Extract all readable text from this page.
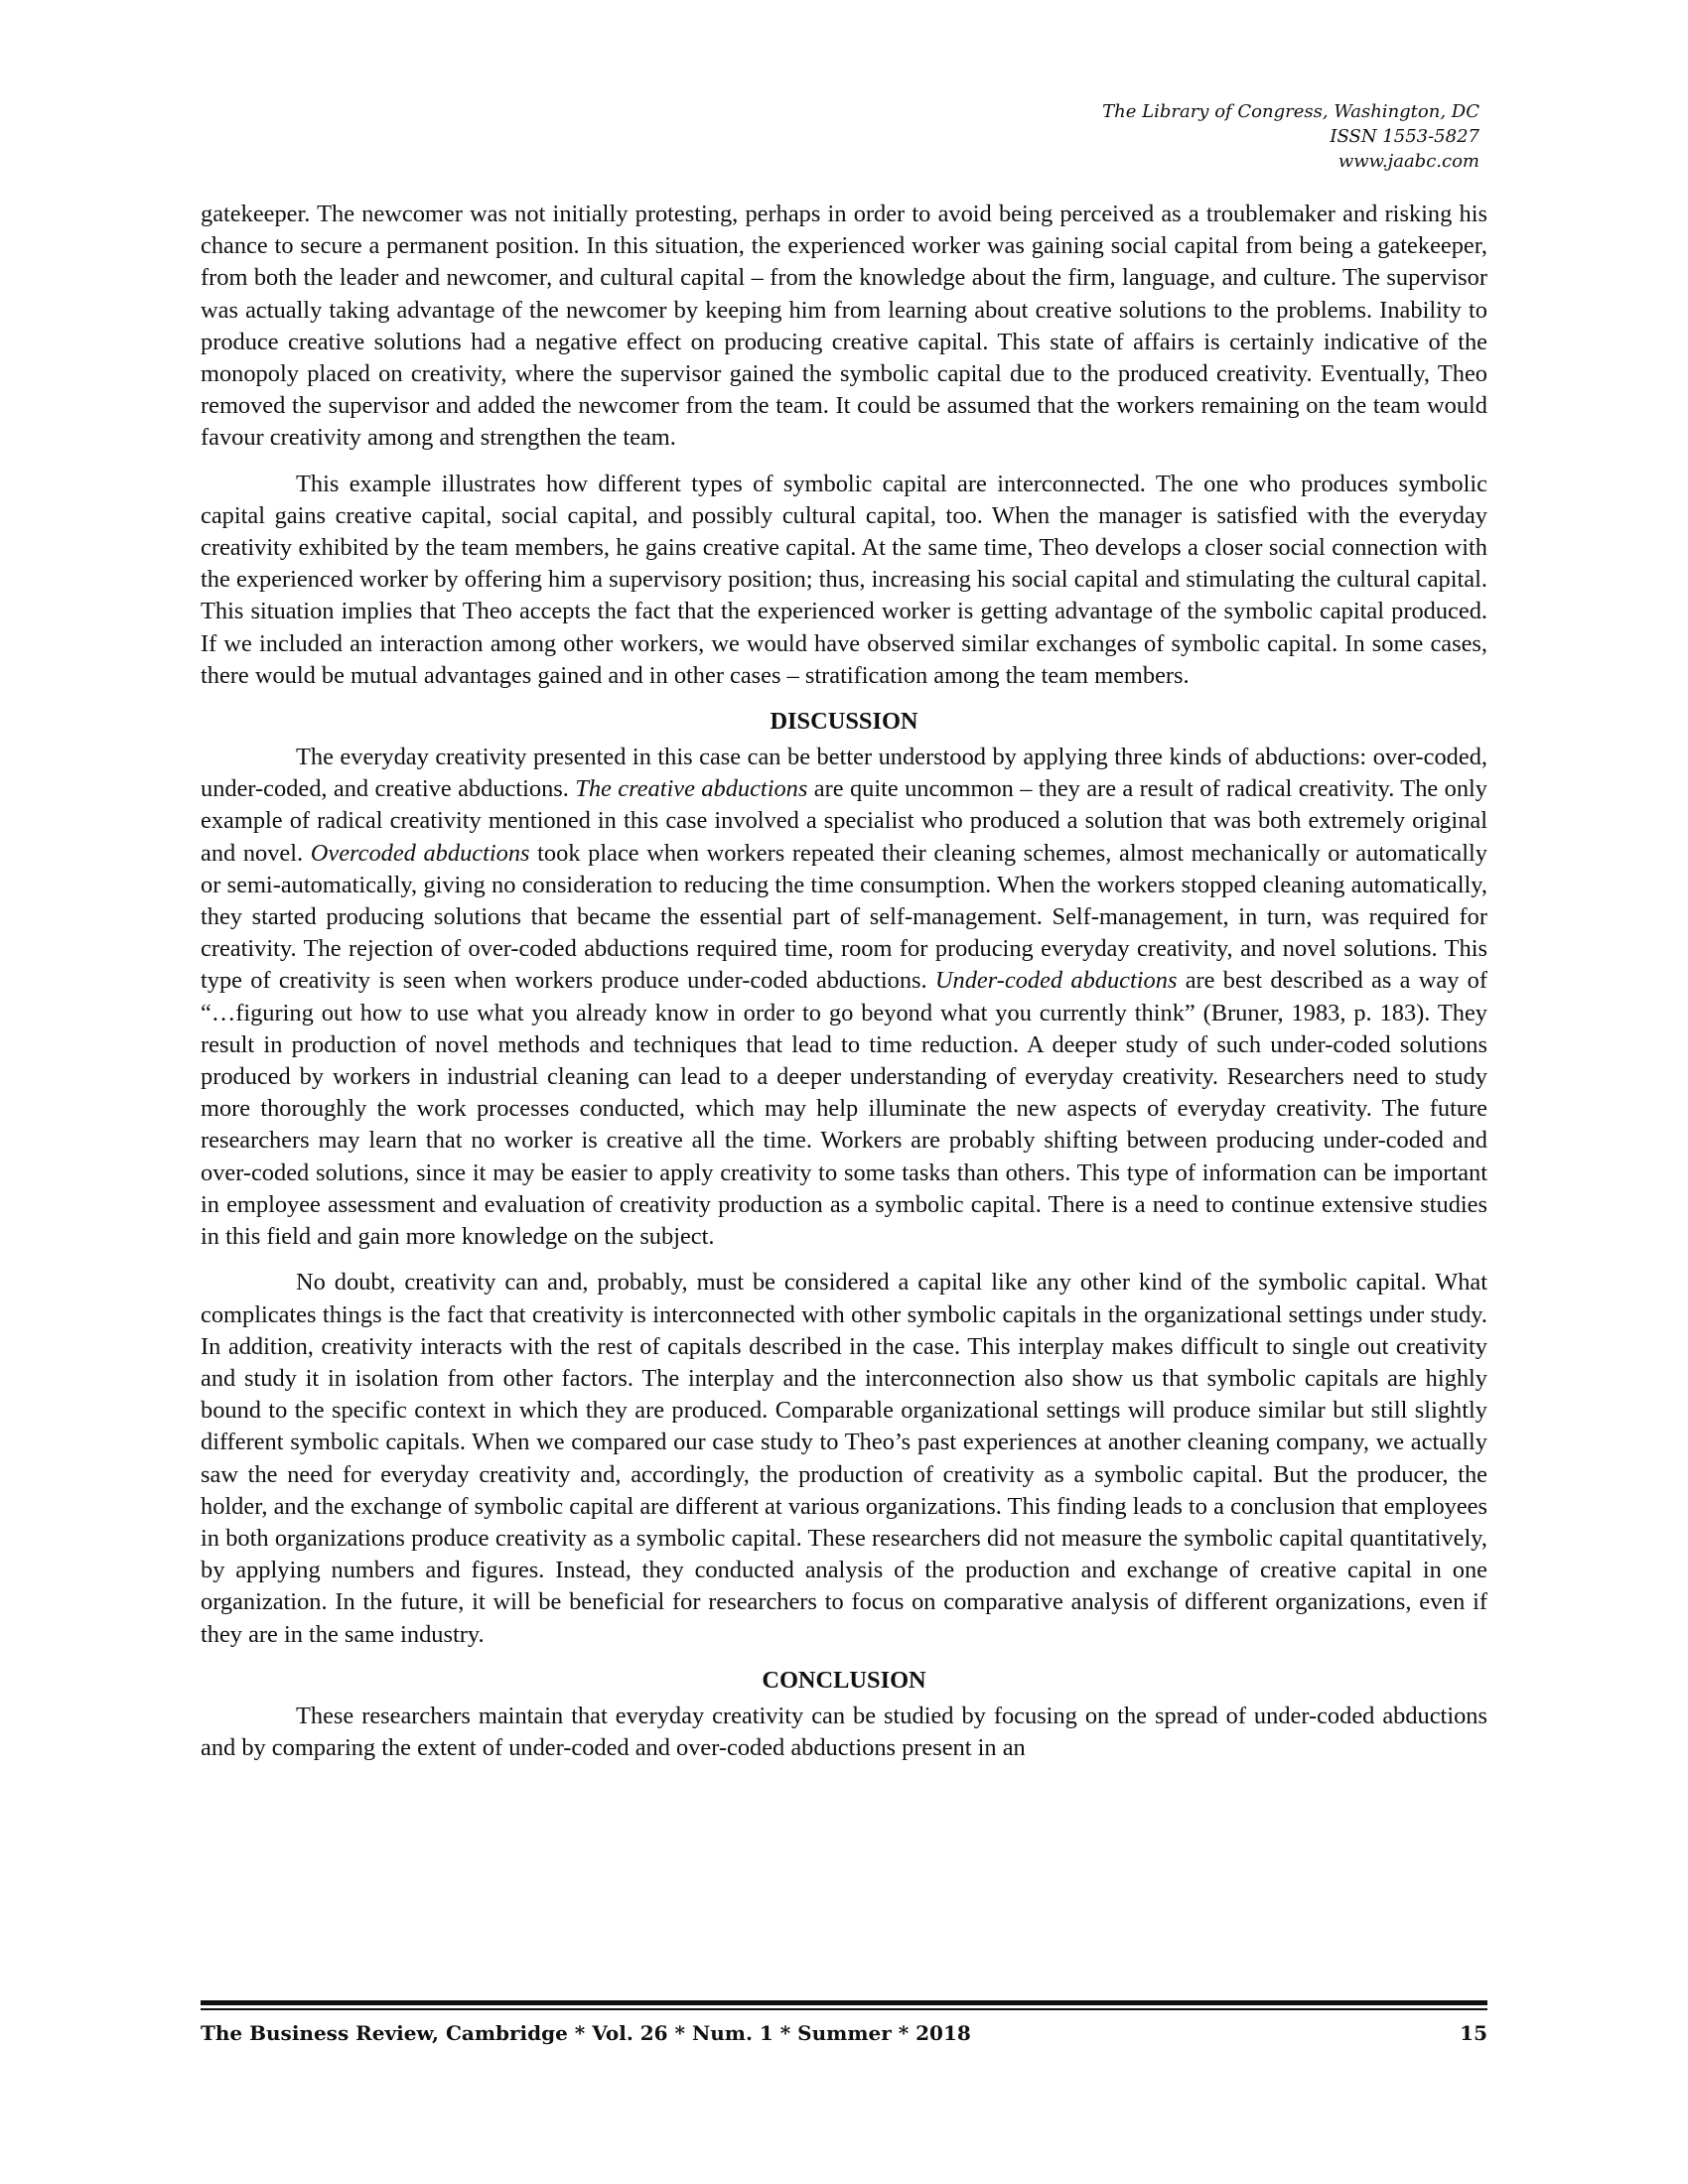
The Library of Congress, Washington, DC
ISSN 1553-5827
www.jaabc.com

gatekeeper. The newcomer was not initially protesting, perhaps in order to avoid being perceived as a troublemaker and risking his chance to secure a permanent position. In this situation, the experienced worker was gaining social capital from being a gatekeeper, from both the leader and newcomer, and cultural capital – from the knowledge about the firm, language, and culture. The supervisor was actually taking advantage of the newcomer by keeping him from learning about creative solutions to the problems. Inability to produce creative solutions had a negative effect on producing creative capital. This state of affairs is certainly indicative of the monopoly placed on creativity, where the supervisor gained the symbolic capital due to the produced creativity. Eventually, Theo removed the supervisor and added the newcomer from the team. It could be assumed that the workers remaining on the team would favour creativity among and strengthen the team.

This example illustrates how different types of symbolic capital are interconnected. The one who produces symbolic capital gains creative capital, social capital, and possibly cultural capital, too. When the manager is satisfied with the everyday creativity exhibited by the team members, he gains creative capital. At the same time, Theo develops a closer social connection with the experienced worker by offering him a supervisory position; thus, increasing his social capital and stimulating the cultural capital. This situation implies that Theo accepts the fact that the experienced worker is getting advantage of the symbolic capital produced. If we included an interaction among other workers, we would have observed similar exchanges of symbolic capital. In some cases, there would be mutual advantages gained and in other cases – stratification among the team members.

DISCUSSION

The everyday creativity presented in this case can be better understood by applying three kinds of abductions: over-coded, under-coded, and creative abductions. The creative abductions are quite uncommon – they are a result of radical creativity. The only example of radical creativity mentioned in this case involved a specialist who produced a solution that was both extremely original and novel. Overcoded abductions took place when workers repeated their cleaning schemes, almost mechanically or automatically or semi-automatically, giving no consideration to reducing the time consumption. When the workers stopped cleaning automatically, they started producing solutions that became the essential part of self-management. Self-management, in turn, was required for creativity. The rejection of over-coded abductions required time, room for producing everyday creativity, and novel solutions. This type of creativity is seen when workers produce under-coded abductions. Under-coded abductions are best described as a way of “…figuring out how to use what you already know in order to go beyond what you currently think” (Bruner, 1983, p. 183). They result in production of novel methods and techniques that lead to time reduction. A deeper study of such under-coded solutions produced by workers in industrial cleaning can lead to a deeper understanding of everyday creativity. Researchers need to study more thoroughly the work processes conducted, which may help illuminate the new aspects of everyday creativity. The future researchers may learn that no worker is creative all the time. Workers are probably shifting between producing under-coded and over-coded solutions, since it may be easier to apply creativity to some tasks than others. This type of information can be important in employee assessment and evaluation of creativity production as a symbolic capital. There is a need to continue extensive studies in this field and gain more knowledge on the subject.

No doubt, creativity can and, probably, must be considered a capital like any other kind of the symbolic capital. What complicates things is the fact that creativity is interconnected with other symbolic capitals in the organizational settings under study. In addition, creativity interacts with the rest of capitals described in the case. This interplay makes difficult to single out creativity and study it in isolation from other factors. The interplay and the interconnection also show us that symbolic capitals are highly bound to the specific context in which they are produced. Comparable organizational settings will produce similar but still slightly different symbolic capitals. When we compared our case study to Theo’s past experiences at another cleaning company, we actually saw the need for everyday creativity and, accordingly, the production of creativity as a symbolic capital. But the producer, the holder, and the exchange of symbolic capital are different at various organizations. This finding leads to a conclusion that employees in both organizations produce creativity as a symbolic capital. These researchers did not measure the symbolic capital quantitatively, by applying numbers and figures. Instead, they conducted analysis of the production and exchange of creative capital in one organization. In the future, it will be beneficial for researchers to focus on comparative analysis of different organizations, even if they are in the same industry.

CONCLUSION

These researchers maintain that everyday creativity can be studied by focusing on the spread of under-coded abductions and by comparing the extent of under-coded and over-coded abductions present in an

The Business Review, Cambridge * Vol. 26 * Num. 1 * Summer * 2018	15
